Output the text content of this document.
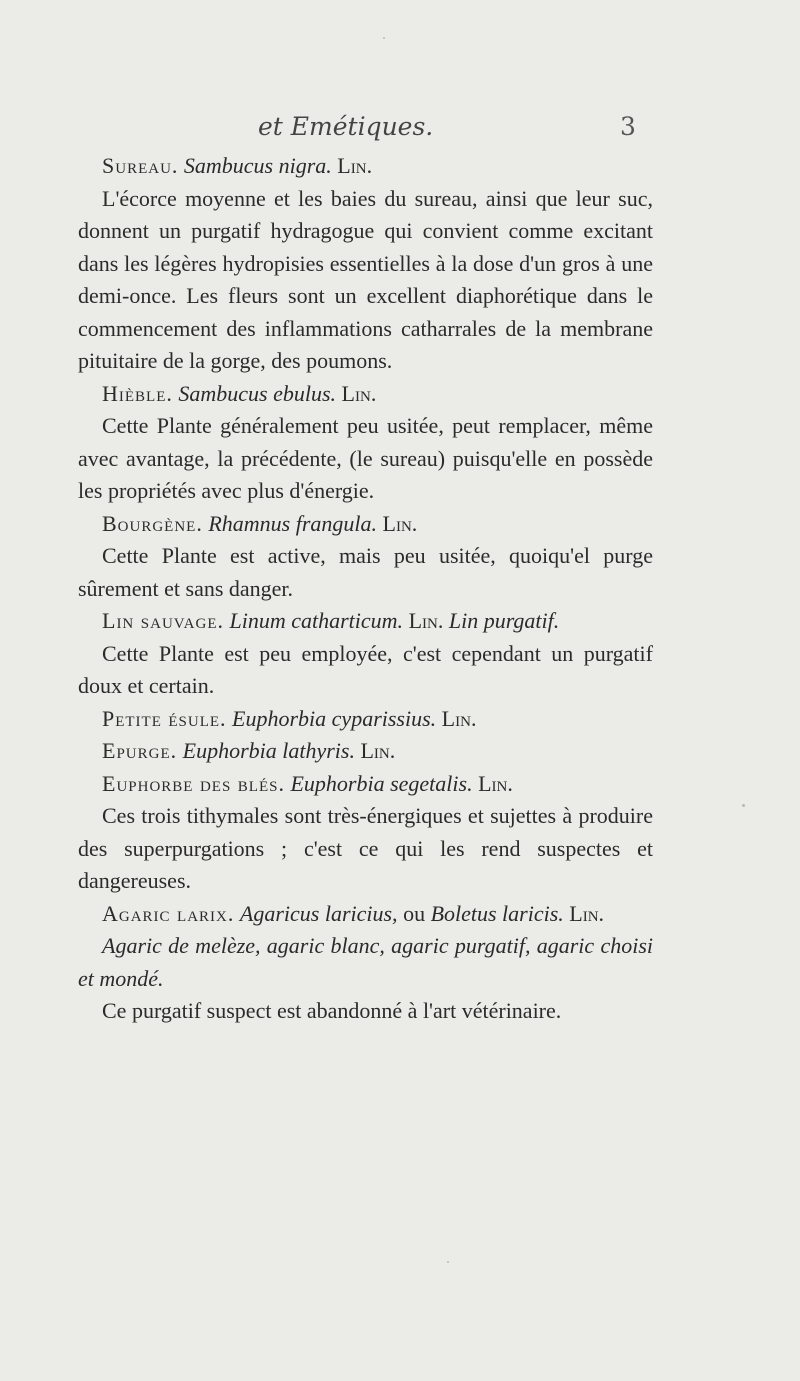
et Emétiques.	3

Sureau. Sambucus nigra. Lin.

L'écorce moyenne et les baies du sureau, ainsi que leur suc, donnent un purgatif hydragogue qui convient comme excitant dans les légères hydropisies essentielles à la dose d'un gros à une demi-once. Les fleurs sont un excellent diaphorétique dans le commencement des inflammations catharrales de la membrane pituitaire de la gorge, des poumons.

Hièble. Sambucus ebulus. Lin.

Cette Plante généralement peu usitée, peut remplacer, même avec avantage, la précédente, (le sureau) puisqu'elle en possède les propriétés avec plus d'énergie.

Bourgène. Rhamnus frangula. Lin.

Cette Plante est active, mais peu usitée, quoiqu'el purge sûrement et sans danger.

Lin sauvage. Linum catharticum. Lin. Lin purgatif.

Cette Plante est peu employée, c'est cependant un purgatif doux et certain.

Petite ésule. Euphorbia cyparissius. Lin.

Epurge. Euphorbia lathyris. Lin.

Euphorbe des blés. Euphorbia segetalis. Lin.

Ces trois tithymales sont très-énergiques et sujettes à produire des superpurgations ; c'est ce qui les rend suspectes et dangereuses.

Agaric larix. Agaricus laricius, ou Boletus laricis. Lin.

Agaric de melèze, agaric blanc, agaric purgatif, agaric choisi et mondé.

Ce purgatif suspect est abandonné à l'art vétérinaire.
